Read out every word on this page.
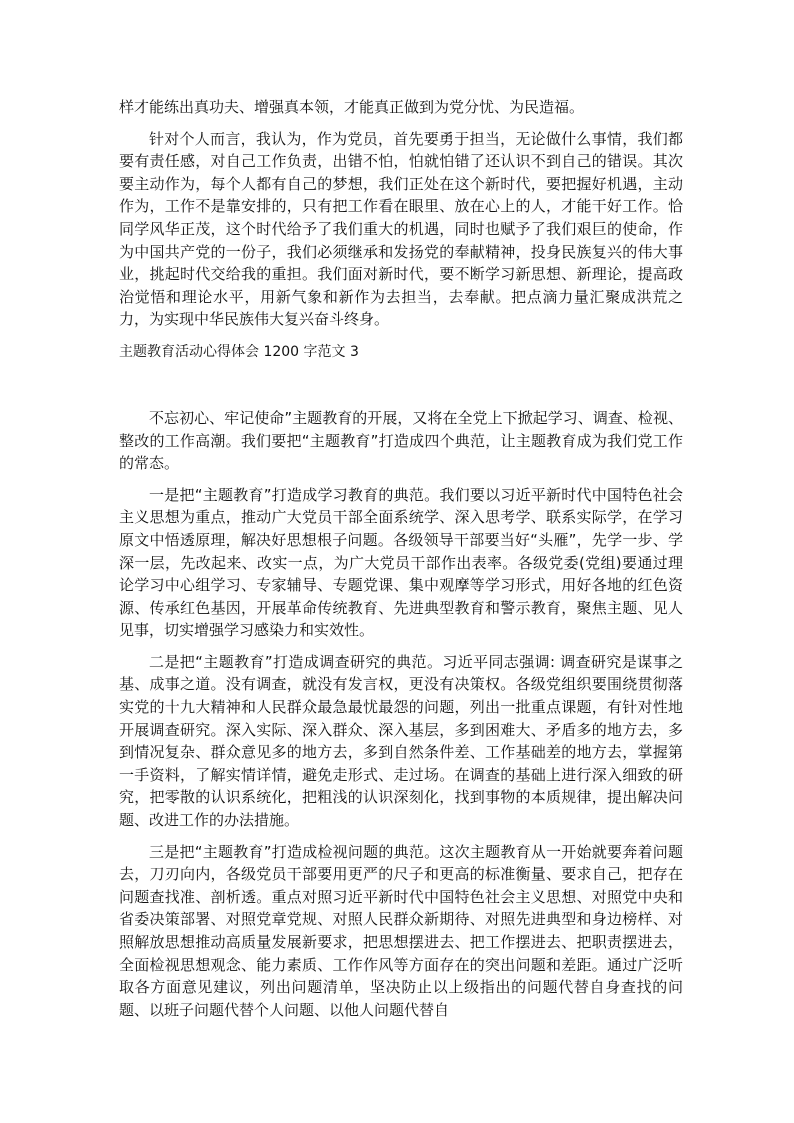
样才能练出真功夫、增强真本领，才能真正做到为党分忧、为民造福。

针对个人而言，我认为，作为党员，首先要勇于担当，无论做什么事情，我们都要有责任感，对自己工作负责，出错不怕，怕就怕错了还认识不到自己的错误。其次要主动作为，每个人都有自己的梦想，我们正处在这个新时代，要把握好机遇，主动作为，工作不是靠安排的，只有把工作看在眼里、放在心上的人，才能干好工作。恰同学风华正茂，这个时代给予了我们重大的机遇，同时也赋予了我们艰巨的使命，作为中国共产党的一份子，我们必须继承和发扬党的奉献精神，投身民族复兴的伟大事业，挑起时代交给我的重担。我们面对新时代，要不断学习新思想、新理论，提高政治觉悟和理论水平，用新气象和新作为去担当，去奉献。把点滴力量汇聚成洪荒之力，为实现中华民族伟大复兴奋斗终身。

主题教育活动心得体会 1200 字范文 3

不忘初心、牢记使命”主题教育的开展，又将在全党上下掀起学习、调查、检视、整改的工作高潮。我们要把“主题教育”打造成四个典范，让主题教育成为我们党工作的常态。

一是把“主题教育”打造成学习教育的典范。我们要以习近平新时代中国特色社会主义思想为重点，推动广大党员干部全面系统学、深入思考学、联系实际学，在学习原文中悟透原理，解决好思想根子问题。各级领导干部要当好“头雁”，先学一步、学深一层，先改起来、改实一点，为广大党员干部作出表率。各级党委(党组)要通过理论学习中心组学习、专家辅导、专题党课、集中观摩等学习形式，用好各地的红色资源、传承红色基因，开展革命传统教育、先进典型教育和警示教育，聚焦主题、见人见事，切实增强学习感染力和实效性。

二是把“主题教育”打造成调查研究的典范。习近平同志强调: 调查研究是谋事之基、成事之道。没有调查，就没有发言权，更没有决策权。各级党组织要围绕贯彻落实党的十九大精神和人民群众最急最忧最怨的问题，列出一批重点课题，有针对性地开展调查研究。深入实际、深入群众、深入基层，多到困难大、矛盾多的地方去，多到情况复杂、群众意见多的地方去，多到自然条件差、工作基础差的地方去，掌握第一手资料，了解实情详情，避免走形式、走过场。在调查的基础上进行深入细致的研究，把零散的认识系统化，把粗浅的认识深刻化，找到事物的本质规律，提出解决问题、改进工作的办法措施。

三是把“主题教育”打造成检视问题的典范。这次主题教育从一开始就要奔着问题去，刀刃向内，各级党员干部要用更严的尺子和更高的标准衡量、要求自己，把存在问题查找准、剖析透。重点对照习近平新时代中国特色社会主义思想、对照党中央和省委决策部署、对照党章党规、对照人民群众新期待、对照先进典型和身边榜样、对照解放思想推动高质量发展新要求，把思想摆进去、把工作摆进去、把职责摆进去，全面检视思想观念、能力素质、工作作风等方面存在的突出问题和差距。通过广泛听取各方面意见建议，列出问题清单，坚决防止以上级指出的问题代替自身查找的问题、以班子问题代替个人问题、以他人问题代替自
